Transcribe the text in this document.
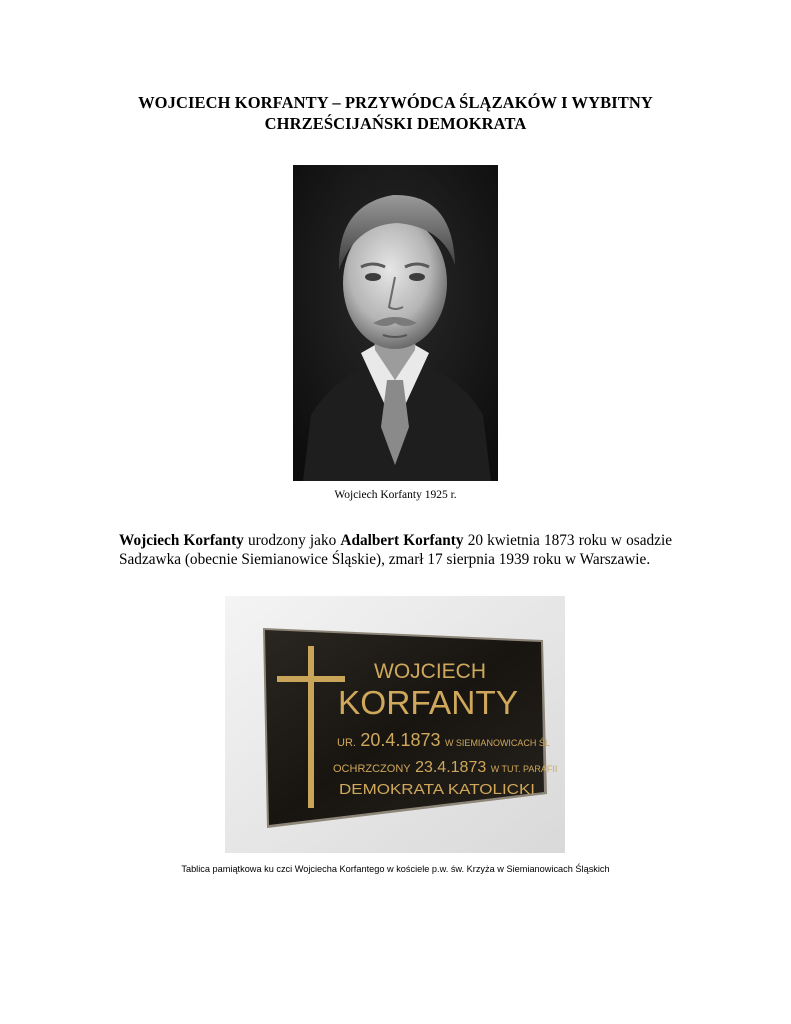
WOJCIECH KORFANTY – PRZYWÓDCA ŚLĄZAKÓW I WYBITNY
CHRZEŚCIJAŃSKI DEMOKRATA
Wojciech Korfanty 1925 r.
Wojciech Korfanty urodzony jako Adalbert Korfanty 20 kwietnia 1873 roku w osadzie Sadzawka (obecnie Siemianowice Śląskie), zmarł 17 sierpnia 1939 roku w Warszawie.
WOJCIECH
KORFANTY
UR. 20.4.1873 W SIEMIANOWICACH ŚL
OCHRZCZONY 23.4.1873 W TUT. PARAFII
DEMOKRATA KATOLICKI
Tablica pamiątkowa ku czci Wojciecha Korfantego w kościele p.w. św. Krzyża w Siemianowicach Śląskich
